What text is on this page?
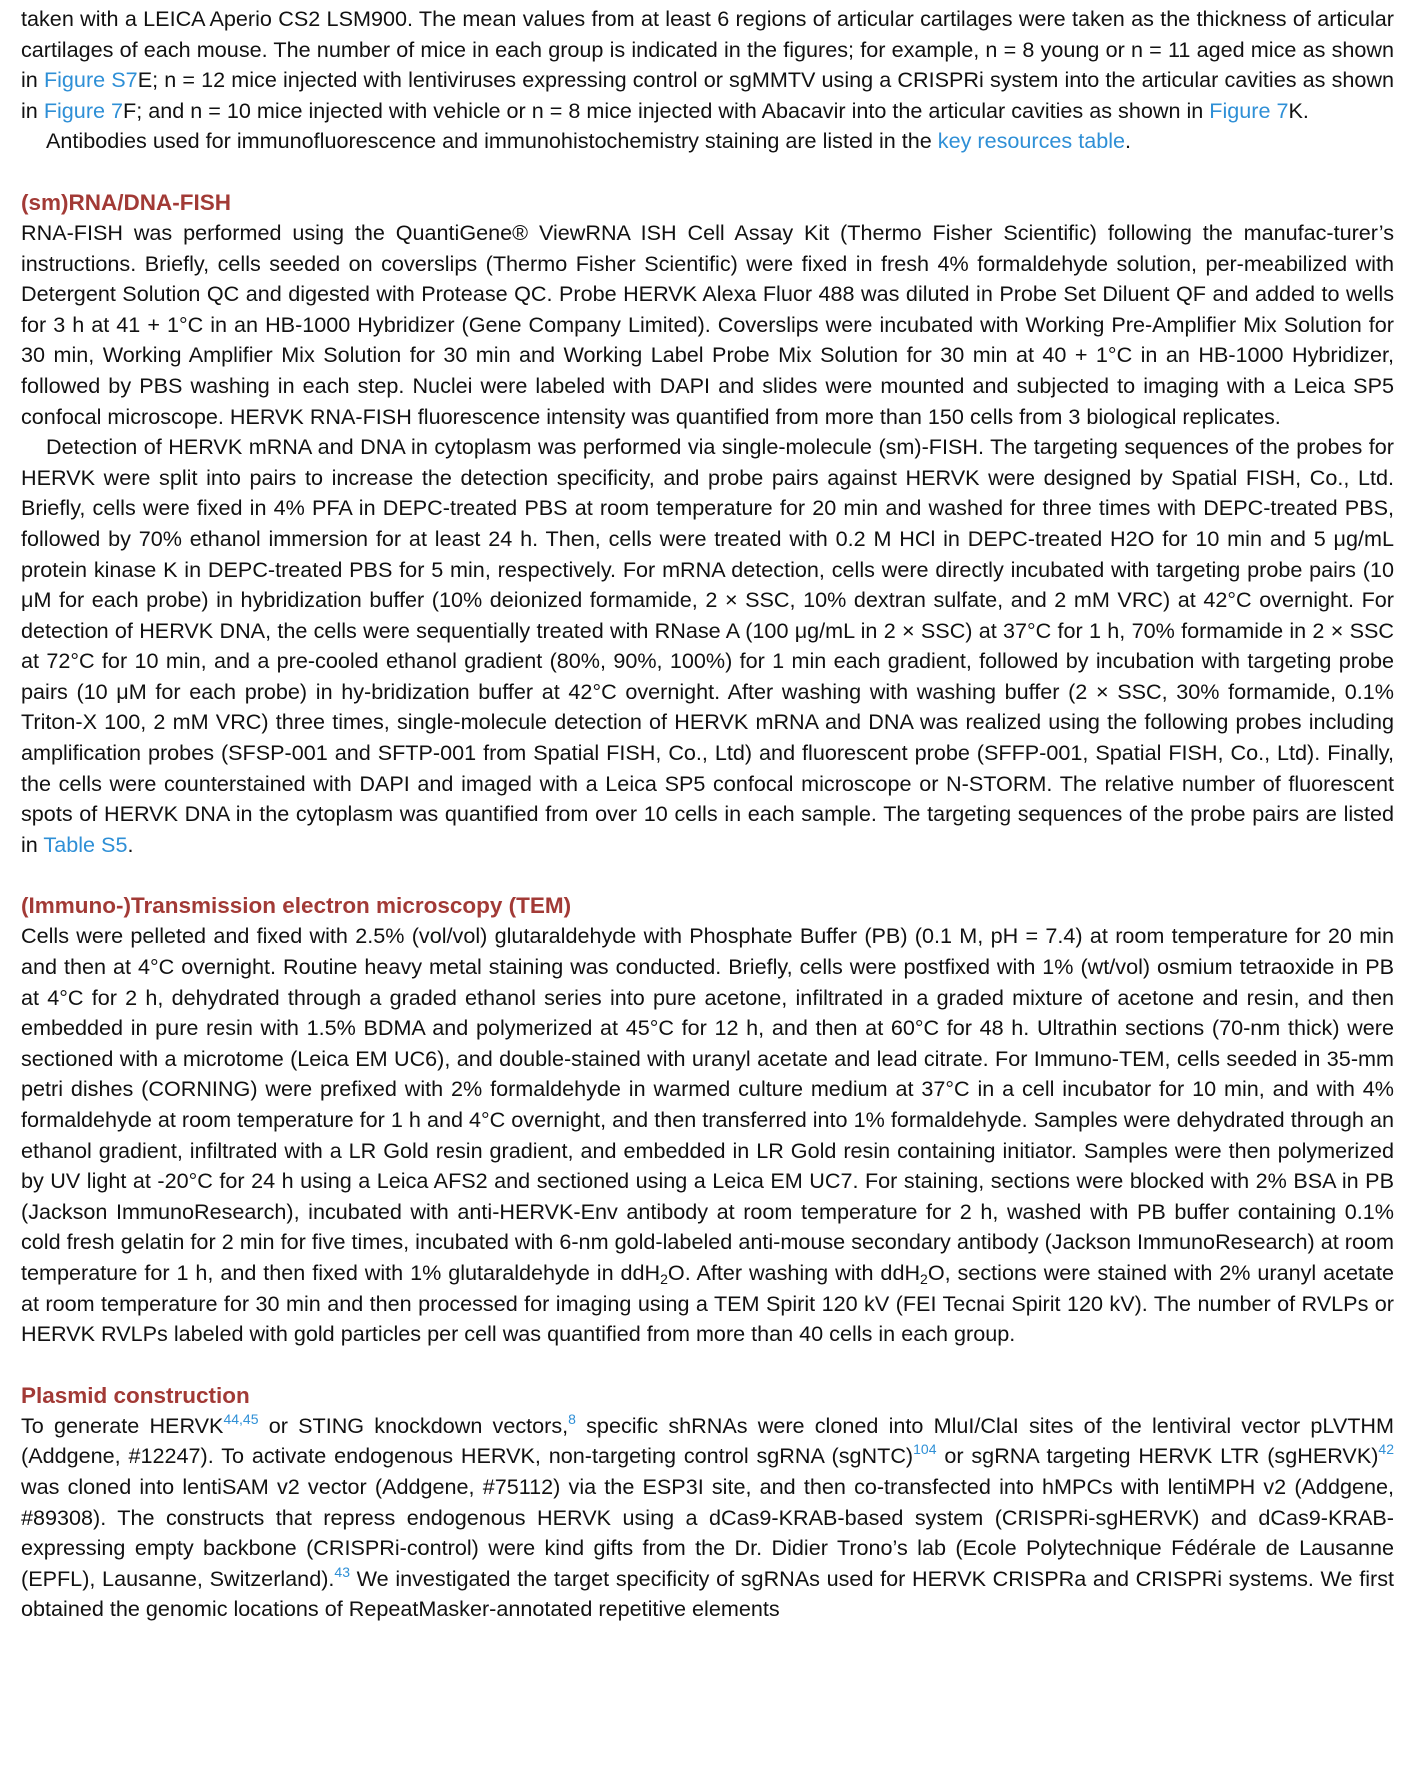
taken with a LEICA Aperio CS2 LSM900. The mean values from at least 6 regions of articular cartilages were taken as the thickness of articular cartilages of each mouse. The number of mice in each group is indicated in the figures; for example, n = 8 young or n = 11 aged mice as shown in Figure S7E; n = 12 mice injected with lentiviruses expressing control or sgMMTV using a CRISPRi system into the articular cavities as shown in Figure 7F; and n = 10 mice injected with vehicle or n = 8 mice injected with Abacavir into the articular cavities as shown in Figure 7K.

Antibodies used for immunofluorescence and immunohistochemistry staining are listed in the key resources table.

(sm)RNA/DNA-FISH

RNA-FISH was performed using the QuantiGene® ViewRNA ISH Cell Assay Kit (Thermo Fisher Scientific) following the manufac-turer’s instructions. Briefly, cells seeded on coverslips (Thermo Fisher Scientific) were fixed in fresh 4% formaldehyde solution, per-meabilized with Detergent Solution QC and digested with Protease QC. Probe HERVK Alexa Fluor 488 was diluted in Probe Set Diluent QF and added to wells for 3 h at 41 + 1°C in an HB-1000 Hybridizer (Gene Company Limited). Coverslips were incubated with Working Pre-Amplifier Mix Solution for 30 min, Working Amplifier Mix Solution for 30 min and Working Label Probe Mix Solution for 30 min at 40 + 1°C in an HB-1000 Hybridizer, followed by PBS washing in each step. Nuclei were labeled with DAPI and slides were mounted and subjected to imaging with a Leica SP5 confocal microscope. HERVK RNA-FISH fluorescence intensity was quantified from more than 150 cells from 3 biological replicates.

Detection of HERVK mRNA and DNA in cytoplasm was performed via single-molecule (sm)-FISH. The targeting sequences of the probes for HERVK were split into pairs to increase the detection specificity, and probe pairs against HERVK were designed by Spatial FISH, Co., Ltd. Briefly, cells were fixed in 4% PFA in DEPC-treated PBS at room temperature for 20 min and washed for three times with DEPC-treated PBS, followed by 70% ethanol immersion for at least 24 h. Then, cells were treated with 0.2 M HCl in DEPC-treated H2O for 10 min and 5 μg/mL protein kinase K in DEPC-treated PBS for 5 min, respectively. For mRNA detection, cells were directly incubated with targeting probe pairs (10 μM for each probe) in hybridization buffer (10% deionized formamide, 2 × SSC, 10% dextran sulfate, and 2 mM VRC) at 42°C overnight. For detection of HERVK DNA, the cells were sequentially treated with RNase A (100 μg/mL in 2 × SSC) at 37°C for 1 h, 70% formamide in 2 × SSC at 72°C for 10 min, and a pre-cooled ethanol gradient (80%, 90%, 100%) for 1 min each gradient, followed by incubation with targeting probe pairs (10 μM for each probe) in hy-bridization buffer at 42°C overnight. After washing with washing buffer (2 × SSC, 30% formamide, 0.1% Triton-X 100, 2 mM VRC) three times, single-molecule detection of HERVK mRNA and DNA was realized using the following probes including amplification probes (SFSP-001 and SFTP-001 from Spatial FISH, Co., Ltd) and fluorescent probe (SFFP-001, Spatial FISH, Co., Ltd). Finally, the cells were counterstained with DAPI and imaged with a Leica SP5 confocal microscope or N-STORM. The relative number of fluorescent spots of HERVK DNA in the cytoplasm was quantified from over 10 cells in each sample. The targeting sequences of the probe pairs are listed in Table S5.

(Immuno-)Transmission electron microscopy (TEM)

Cells were pelleted and fixed with 2.5% (vol/vol) glutaraldehyde with Phosphate Buffer (PB) (0.1 M, pH = 7.4) at room temperature for 20 min and then at 4°C overnight. Routine heavy metal staining was conducted. Briefly, cells were postfixed with 1% (wt/vol) osmium tetraoxide in PB at 4°C for 2 h, dehydrated through a graded ethanol series into pure acetone, infiltrated in a graded mixture of acetone and resin, and then embedded in pure resin with 1.5% BDMA and polymerized at 45°C for 12 h, and then at 60°C for 48 h. Ultrathin sections (70-nm thick) were sectioned with a microtome (Leica EM UC6), and double-stained with uranyl acetate and lead citrate. For Immuno-TEM, cells seeded in 35-mm petri dishes (CORNING) were prefixed with 2% formaldehyde in warmed culture medium at 37°C in a cell incubator for 10 min, and with 4% formaldehyde at room temperature for 1 h and 4°C overnight, and then transferred into 1% formaldehyde. Samples were dehydrated through an ethanol gradient, infiltrated with a LR Gold resin gradient, and embedded in LR Gold resin containing initiator. Samples were then polymerized by UV light at -20°C for 24 h using a Leica AFS2 and sectioned using a Leica EM UC7. For staining, sections were blocked with 2% BSA in PB (Jackson ImmunoResearch), incubated with anti-HERVK-Env antibody at room temperature for 2 h, washed with PB buffer containing 0.1% cold fresh gelatin for 2 min for five times, incubated with 6-nm gold-labeled anti-mouse secondary antibody (Jackson ImmunoResearch) at room temperature for 1 h, and then fixed with 1% glutaraldehyde in ddH$_2$O. After washing with ddH$_2$O, sections were stained with 2% uranyl acetate at room temperature for 30 min and then processed for imaging using a TEM Spirit 120 kV (FEI Tecnai Spirit 120 kV). The number of RVLPs or HERVK RVLPs labeled with gold particles per cell was quantified from more than 40 cells in each group.

Plasmid construction

To generate HERVK$^{44,45}$ or STING knockdown vectors,$^8$ specific shRNAs were cloned into MluI/ClaI sites of the lentiviral vector pLVTHM (Addgene, #12247). To activate endogenous HERVK, non-targeting control sgRNA (sgNTC)$^{104}$ or sgRNA targeting HERVK LTR (sgHERVK)$^{42}$ was cloned into lentiSAM v2 vector (Addgene, #75112) via the ESP3I site, and then co-transfected into hMPCs with lentiMPH v2 (Addgene, #89308). The constructs that repress endogenous HERVK using a dCas9-KRAB-based system (CRISPRi-sgHERVK) and dCas9-KRAB-expressing empty backbone (CRISPRi-control) were kind gifts from the Dr. Didier Trono’s lab (Ecole Polytechnique Fédérale de Lausanne (EPFL), Lausanne, Switzerland).$^{43}$ We investigated the target specificity of sgRNAs used for HERVK CRISPRa and CRISPRi systems. We first obtained the genomic locations of RepeatMasker-annotated repetitive elements
